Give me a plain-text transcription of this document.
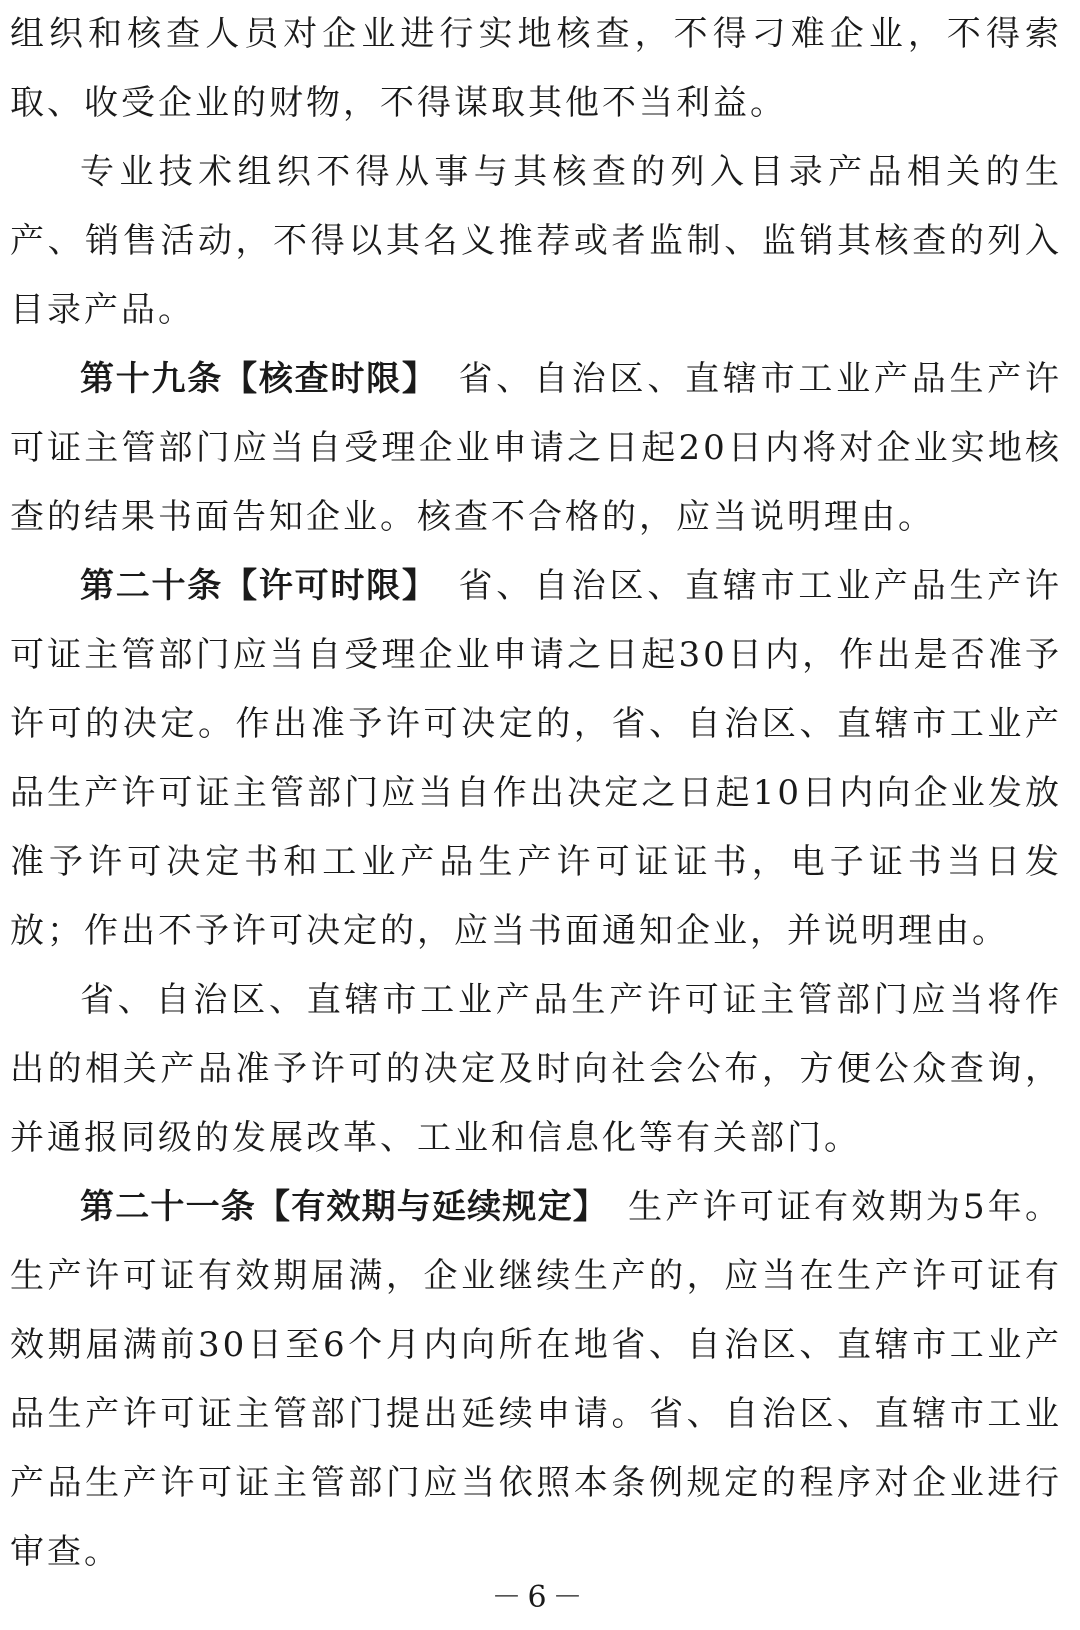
组织和核查人员对企业进行实地核查，不得刁难企业，不得索取、收受企业的财物，不得谋取其他不当利益。

专业技术组织不得从事与其核查的列入目录产品相关的生产、销售活动，不得以其名义推荐或者监制、监销其核查的列入目录产品。

第十九条【核查时限】  省、自治区、直辖市工业产品生产许可证主管部门应当自受理企业申请之日起20日内将对企业实地核查的结果书面告知企业。核查不合格的，应当说明理由。

第二十条【许可时限】  省、自治区、直辖市工业产品生产许可证主管部门应当自受理企业申请之日起30日内，作出是否准予许可的决定。作出准予许可决定的，省、自治区、直辖市工业产品生产许可证主管部门应当自作出决定之日起10日内向企业发放准予许可决定书和工业产品生产许可证证书，电子证书当日发放；作出不予许可决定的，应当书面通知企业，并说明理由。

省、自治区、直辖市工业产品生产许可证主管部门应当将作出的相关产品准予许可的决定及时向社会公布，方便公众查询，并通报同级的发展改革、工业和信息化等有关部门。

第二十一条【有效期与延续规定】  生产许可证有效期为5年。生产许可证有效期届满，企业继续生产的，应当在生产许可证有效期届满前30日至6个月内向所在地省、自治区、直辖市工业产品生产许可证主管部门提出延续申请。省、自治区、直辖市工业产品生产许可证主管部门应当依照本条例规定的程序对企业进行审查。

－6－
